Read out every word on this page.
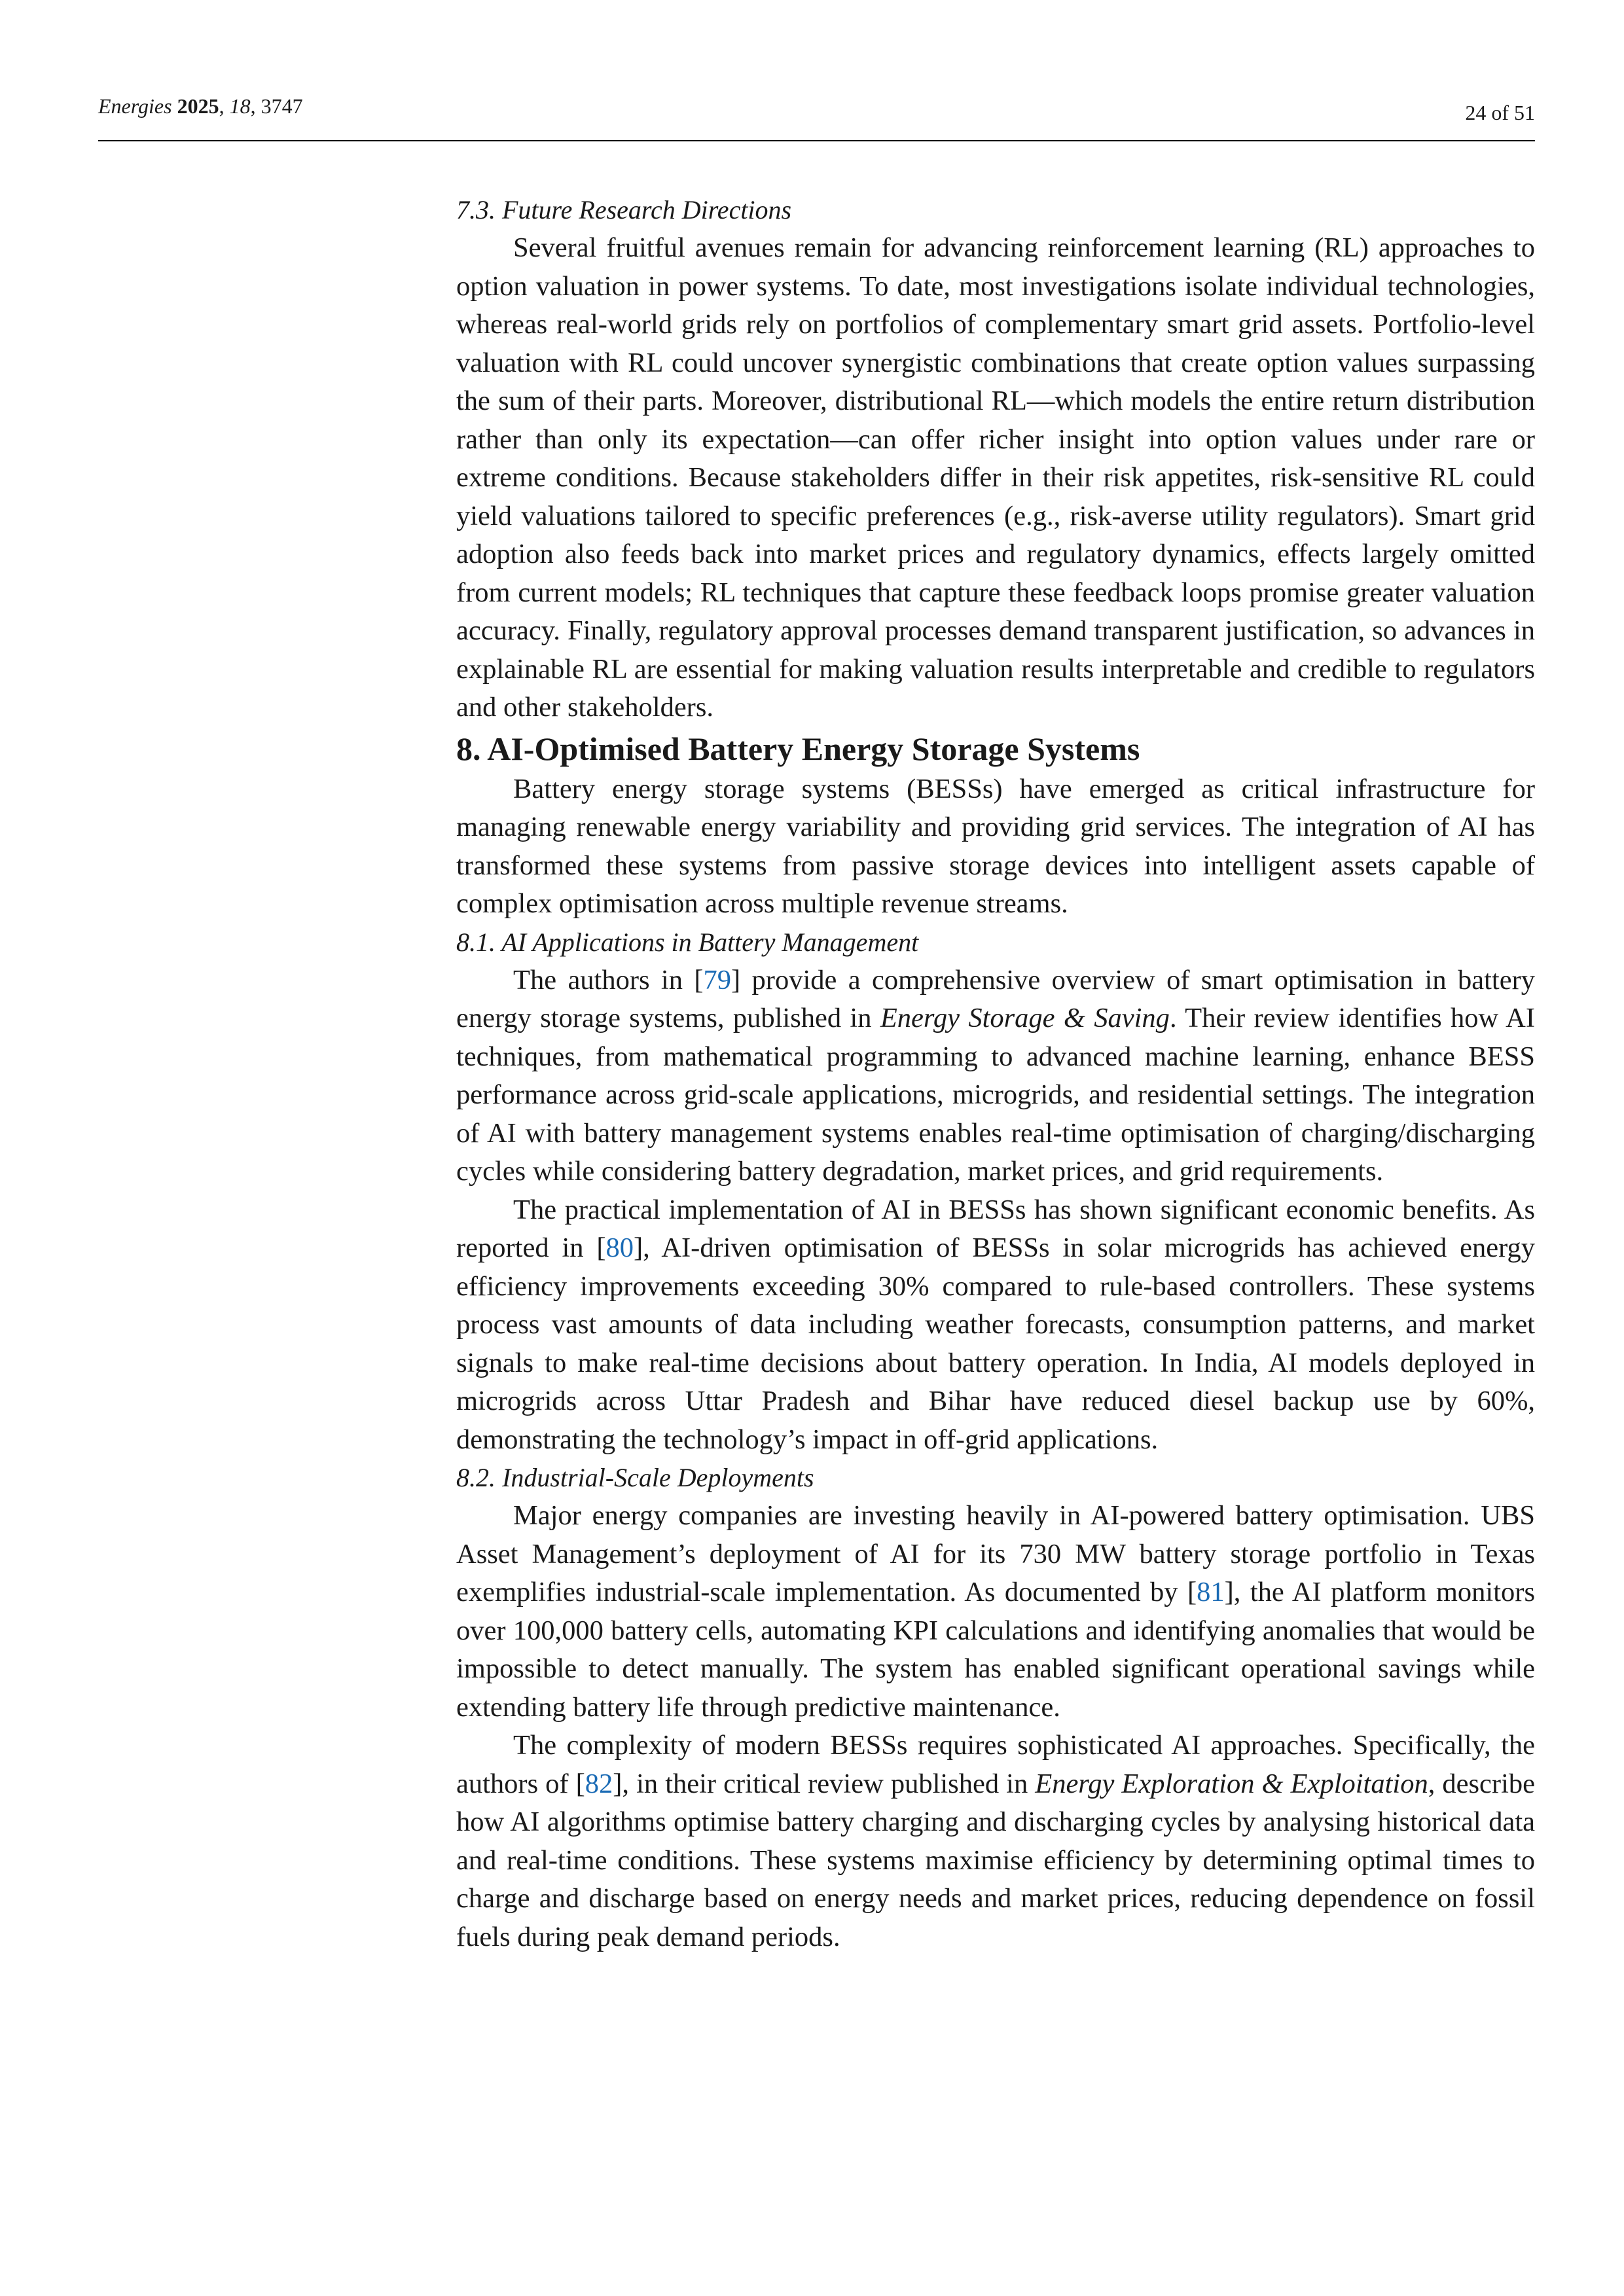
Energies 2025, 18, 3747	24 of 51
7.3. Future Research Directions

Several fruitful avenues remain for advancing reinforcement learning (RL) approaches to option valuation in power systems. To date, most investigations isolate individual technologies, whereas real-world grids rely on portfolios of complementary smart grid assets. Portfolio-level valuation with RL could uncover synergistic combinations that create option values surpassing the sum of their parts. Moreover, distributional RL—which models the entire return distribution rather than only its expectation—can offer richer insight into option values under rare or extreme conditions. Because stakeholders differ in their risk appetites, risk-sensitive RL could yield valuations tailored to specific preferences (e.g., risk-averse utility regulators). Smart grid adoption also feeds back into market prices and regulatory dynamics, effects largely omitted from current models; RL techniques that capture these feedback loops promise greater valuation accuracy. Finally, regulatory approval processes demand transparent justification, so advances in explainable RL are essential for making valuation results interpretable and credible to regulators and other stakeholders.

8. AI-Optimised Battery Energy Storage Systems

Battery energy storage systems (BESSs) have emerged as critical infrastructure for managing renewable energy variability and providing grid services. The integration of AI has transformed these systems from passive storage devices into intelligent assets capable of complex optimisation across multiple revenue streams.

8.1. AI Applications in Battery Management

The authors in [79] provide a comprehensive overview of smart optimisation in battery energy storage systems, published in Energy Storage & Saving. Their review identifies how AI techniques, from mathematical programming to advanced machine learning, enhance BESS performance across grid-scale applications, microgrids, and residential settings. The integration of AI with battery management systems enables real-time optimisation of charging/discharging cycles while considering battery degradation, market prices, and grid requirements.

The practical implementation of AI in BESSs has shown significant economic benefits. As reported in [80], AI-driven optimisation of BESSs in solar microgrids has achieved energy efficiency improvements exceeding 30% compared to rule-based controllers. These systems process vast amounts of data including weather forecasts, consumption patterns, and market signals to make real-time decisions about battery operation. In India, AI models deployed in microgrids across Uttar Pradesh and Bihar have reduced diesel backup use by 60%, demonstrating the technology’s impact in off-grid applications.

8.2. Industrial-Scale Deployments

Major energy companies are investing heavily in AI-powered battery optimisation. UBS Asset Management’s deployment of AI for its 730 MW battery storage portfolio in Texas exemplifies industrial-scale implementation. As documented by [81], the AI platform monitors over 100,000 battery cells, automating KPI calculations and identifying anomalies that would be impossible to detect manually. The system has enabled significant operational savings while extending battery life through predictive maintenance.

The complexity of modern BESSs requires sophisticated AI approaches. Specifically, the authors of [82], in their critical review published in Energy Exploration & Exploitation, describe how AI algorithms optimise battery charging and discharging cycles by analysing historical data and real-time conditions. These systems maximise efficiency by determining optimal times to charge and discharge based on energy needs and market prices, reducing dependence on fossil fuels during peak demand periods.
